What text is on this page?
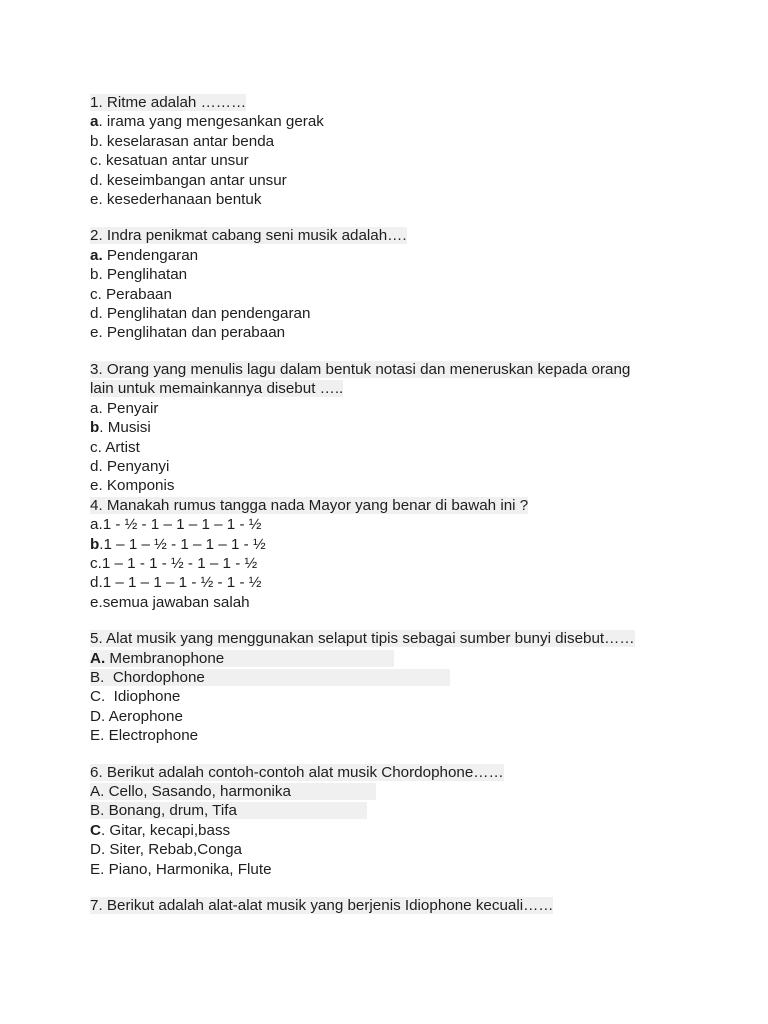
1. Ritme adalah ………
a. irama yang mengesankan gerak
b. keselarasan antar benda
c. kesatuan antar unsur
d. keseimbangan antar unsur
e. kesederhanaan bentuk
2. Indra penikmat cabang seni musik adalah….
a. Pendengaran
b. Penglihatan
c. Perabaan
d. Penglihatan dan pendengaran
e. Penglihatan dan perabaan
3. Orang yang menulis lagu dalam bentuk notasi dan meneruskan kepada orang
lain untuk memainkannya disebut …..
a. Penyair
b. Musisi
c. Artist
d. Penyanyi
e. Komponis
4. Manakah rumus tangga nada Mayor yang benar di bawah ini ?
a.1 - ½ - 1 – 1 – 1 – 1 - ½
b.1 – 1 – ½ - 1 – 1 – 1 - ½
c.1 – 1 - 1 - ½ - 1 – 1 - ½
d.1 – 1 – 1 – 1 - ½ - 1 - ½
e.semua jawaban salah
5. Alat musik yang menggunakan selaput tipis sebagai sumber bunyi disebut……
A. Membranophone
B.  Chordophone
C.  Idiophone
D. Aerophone
E. Electrophone
6. Berikut adalah contoh-contoh alat musik Chordophone……
A. Cello, Sasando, harmonika
B. Bonang, drum, Tifa
C. Gitar, kecapi,bass
D. Siter, Rebab,Conga
E. Piano, Harmonika, Flute
7. Berikut adalah alat-alat musik yang berjenis Idiophone kecuali……
